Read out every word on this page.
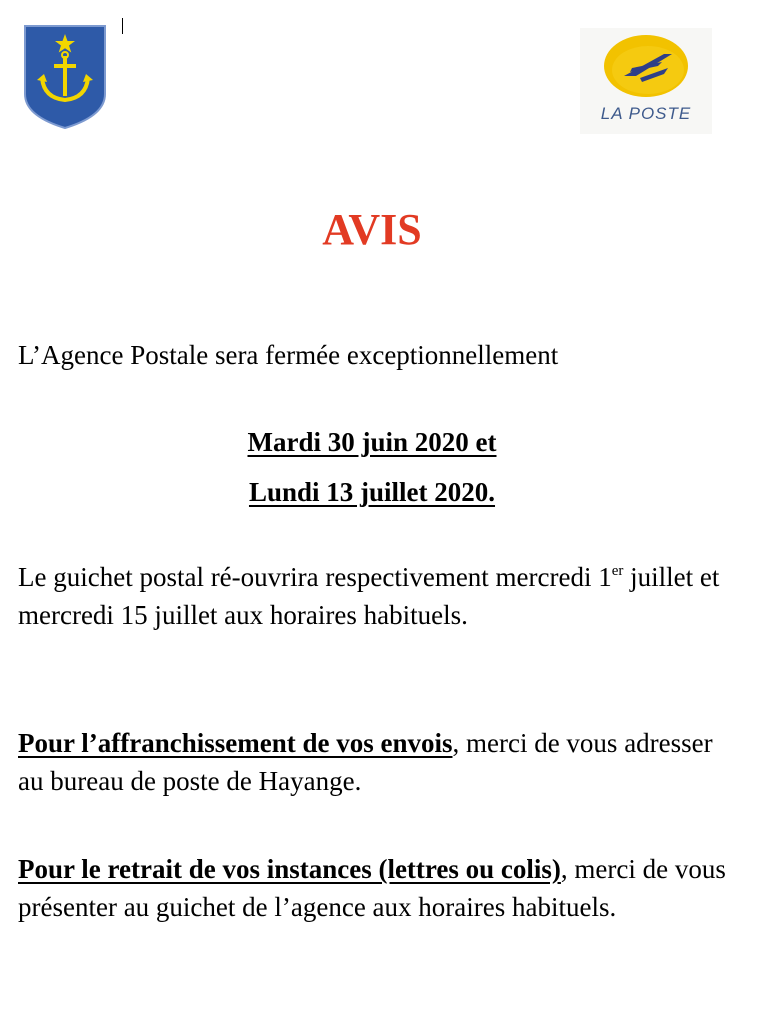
LA POSTE
AVIS
L’Agence Postale sera fermée exceptionnellement
Mardi 30 juin 2020 et
Lundi 13 juillet 2020.
Le guichet postal ré-ouvrira respectivement mercredi 1er juillet et mercredi 15 juillet aux horaires habituels.
Pour l’affranchissement de vos envois, merci de vous adresser au bureau de poste de Hayange.
Pour le retrait de vos instances (lettres ou colis), merci de vous présenter au guichet de l’agence aux horaires habituels.
